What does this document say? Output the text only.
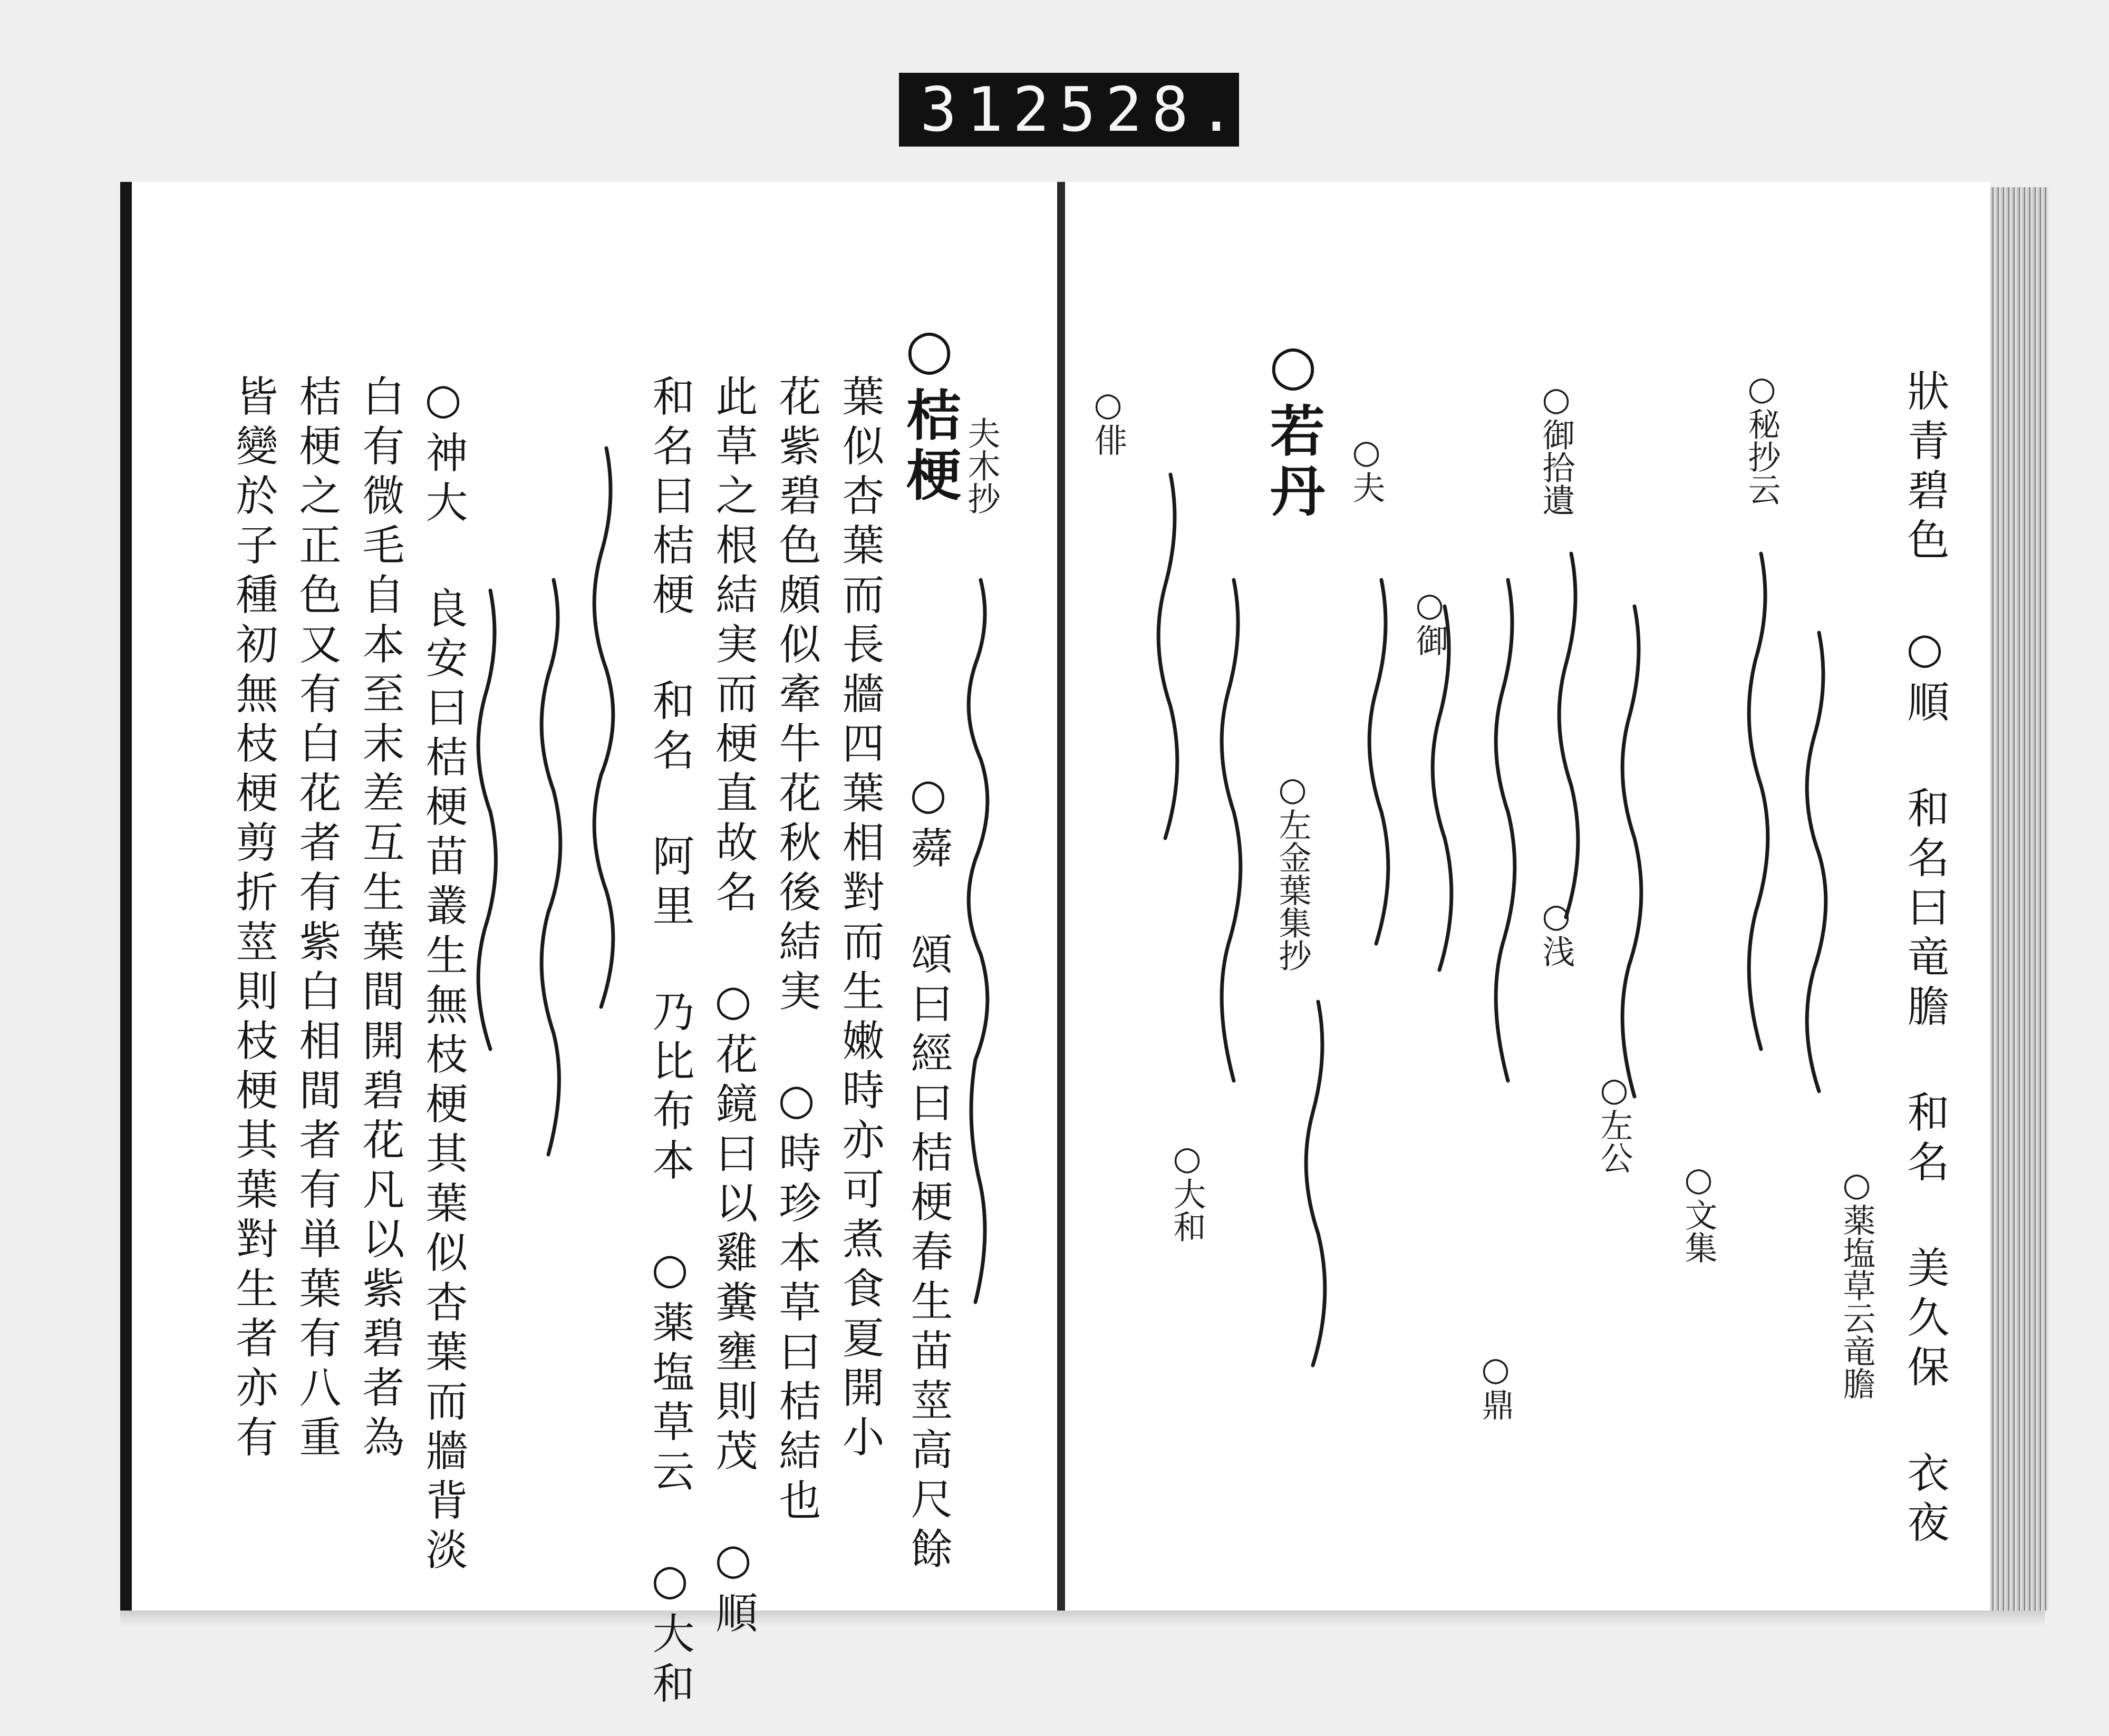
312 528.
狀青碧色 ○順 和名曰竜膽 和名 美久保 衣夜
○薬塩草云竜膽
○秘抄云
○文集
○御拾遺
○浅
○左公
○鼎
○御
○夫
○若丹
○左金葉集抄
○大和
○俳
○桔梗 夫木抄
葉似杏葉而長牆四葉相對而生嫩時亦可煮食夏開小
花紫碧色頗似牽牛花秋後結実 ○時珍本草曰桔結也
此草之根結実而梗直故名 ○花鏡曰以雞糞壅則茂 ○順
和名曰桔梗 和名 阿里 乃比布本 ○薬塩草云 ○大和	○蕣 頌曰經曰桔梗春生苗莖高尺餘
○神大 良安曰桔梗苗叢生無枝梗其葉似杏葉而牆背淡
白有微毛自本至末差互生葉間開碧花凡以紫碧者為
桔梗之正色又有白花者有紫白相間者有単葉有八重
皆變於子種初無枝梗剪折莖則枝梗其葉對生者亦有
